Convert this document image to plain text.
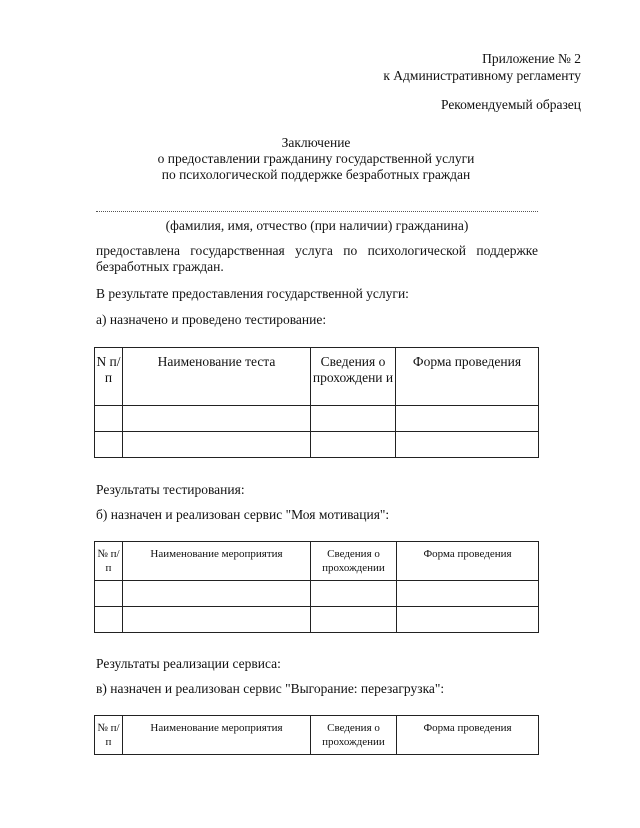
Приложение № 2
к Административному регламенту
Рекомендуемый образец
Заключение
о предоставлении гражданину государственной услуги
по психологической поддержке безработных граждан
(фамилия, имя, отчество (при наличии) гражданина)
предоставлена государственная услуга по психологической поддержке безработных граждан.
В результате предоставления государственной услуги:
а) назначено и проведено тестирование:
N п/п	Наименование теста	Сведения о прохождени и	Форма проведения

Результаты тестирования:
б) назначен и реализован сервис "Моя мотивация":
№ п/п	Наименование мероприятия	Сведения о прохождении	Форма проведения

Результаты реализации сервиса:
в) назначен и реализован сервис "Выгорание: перезагрузка":
№ п/п	Наименование мероприятия	Сведения о прохождении	Форма проведения
